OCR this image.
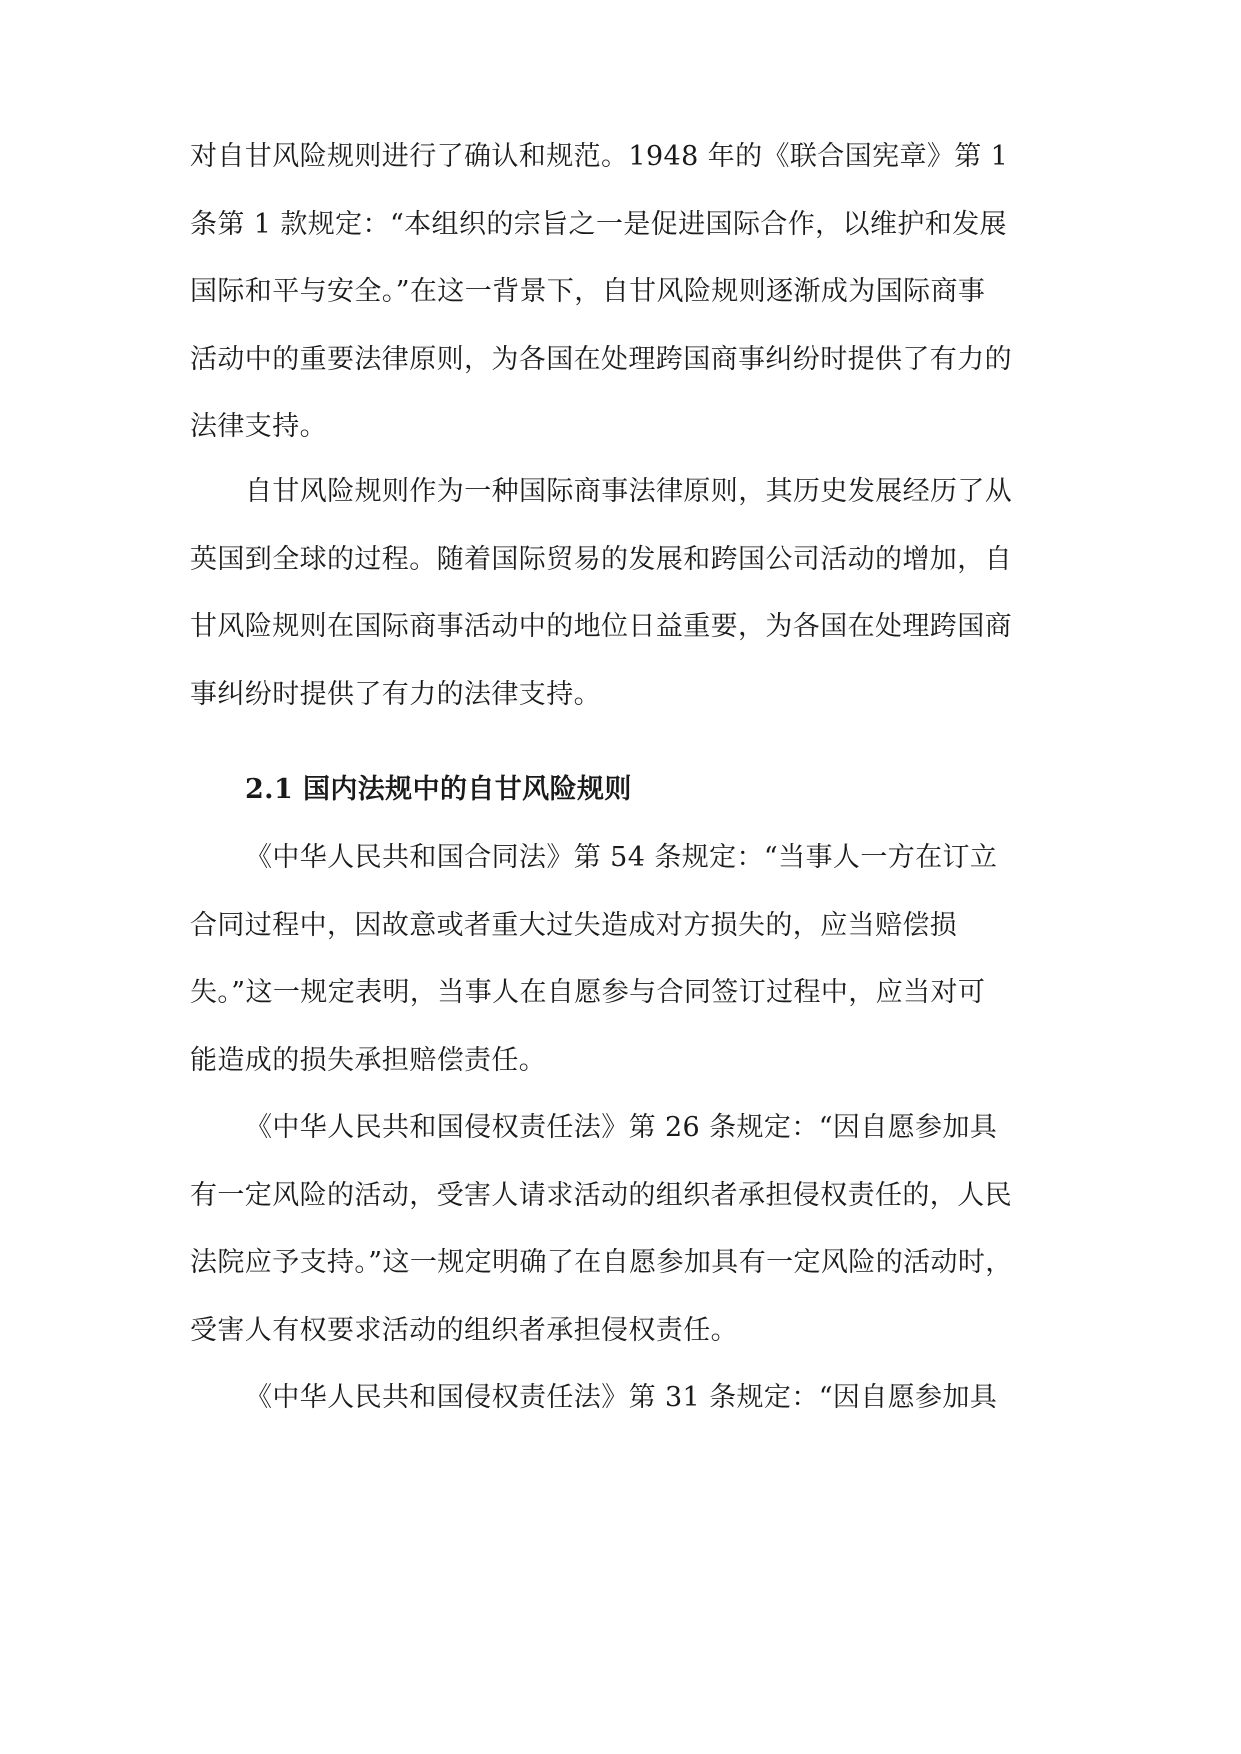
对自甘风险规则进行了确认和规范。1948 年的《联合国宪章》第 1
条第 1 款规定：“本组织的宗旨之一是促进国际合作，以维护和发展
国际和平与安全。”在这一背景下，自甘风险规则逐渐成为国际商事
活动中的重要法律原则，为各国在处理跨国商事纠纷时提供了有力的
法律支持。
自甘风险规则作为一种国际商事法律原则，其历史发展经历了从
英国到全球的过程。随着国际贸易的发展和跨国公司活动的增加，自
甘风险规则在国际商事活动中的地位日益重要，为各国在处理跨国商
事纠纷时提供了有力的法律支持。
2.1 国内法规中的自甘风险规则
《中华人民共和国合同法》第 54 条规定：“当事人一方在订立
合同过程中，因故意或者重大过失造成对方损失的，应当赔偿损
失。”这一规定表明，当事人在自愿参与合同签订过程中，应当对可
能造成的损失承担赔偿责任。
《中华人民共和国侵权责任法》第 26 条规定：“因自愿参加具
有一定风险的活动，受害人请求活动的组织者承担侵权责任的，人民
法院应予支持。”这一规定明确了在自愿参加具有一定风险的活动时，
受害人有权要求活动的组织者承担侵权责任。
《中华人民共和国侵权责任法》第 31 条规定：“因自愿参加具
